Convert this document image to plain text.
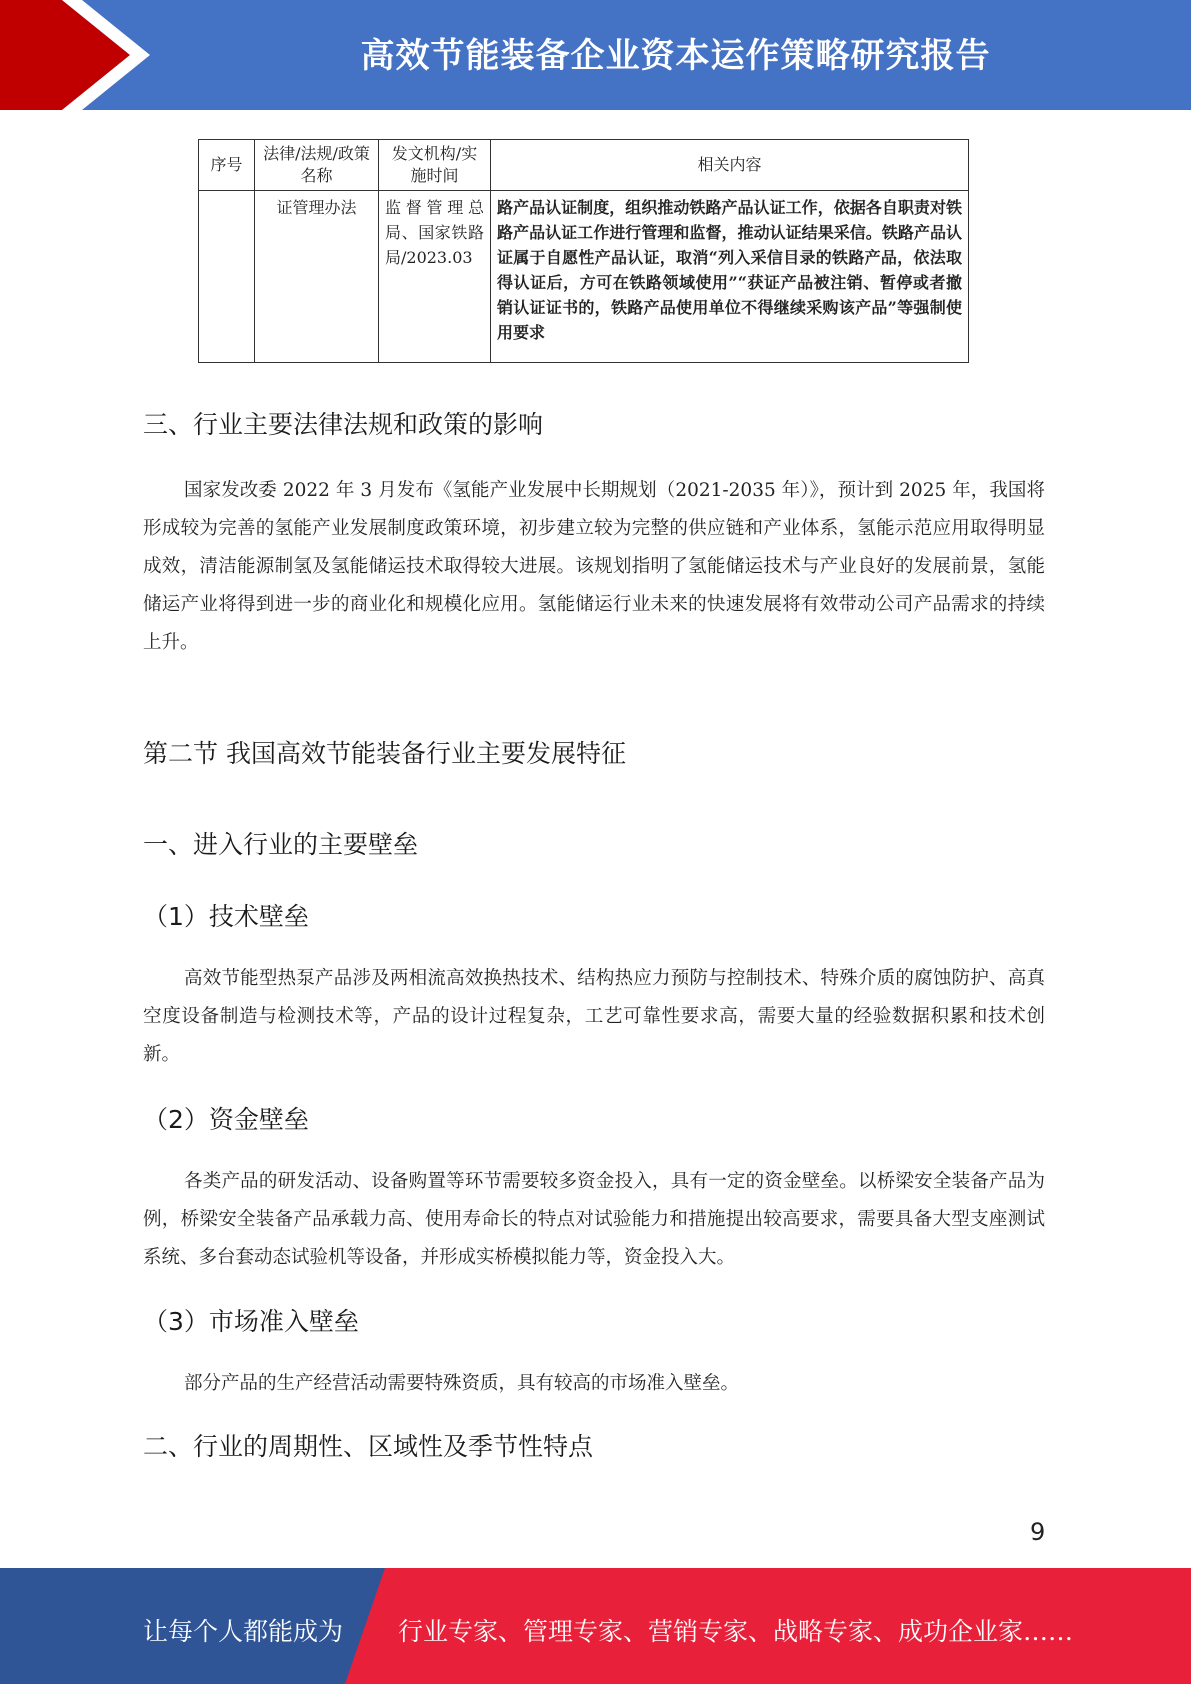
高效节能装备企业资本运作策略研究报告
序号	法律/法规/政策名称	发文机构/实施时间	相关内容
	证管理办法	监督管理总局、国家铁路局/2023.03	路产品认证制度，组织推动铁路产品认证工作，依据各自职责对铁路产品认证工作进行管理和监督，推动认证结果采信。铁路产品认证属于自愿性产品认证，取消“列入采信目录的铁路产品，依法取得认证后，方可在铁路领域使用”“获证产品被注销、暂停或者撤销认证证书的，铁路产品使用单位不得继续采购该产品”等强制使用要求
三、行业主要法律法规和政策的影响
国家发改委 2022 年 3 月发布《氢能产业发展中长期规划（2021-2035 年）》，预计到 2025 年，我国将形成较为完善的氢能产业发展制度政策环境，初步建立较为完整的供应链和产业体系，氢能示范应用取得明显成效，清洁能源制氢及氢能储运技术取得较大进展。该规划指明了氢能储运技术与产业良好的发展前景，氢能储运产业将得到进一步的商业化和规模化应用。氢能储运行业未来的快速发展将有效带动公司产品需求的持续上升。
第二节 我国高效节能装备行业主要发展特征
一、进入行业的主要壁垒
（1）技术壁垒
高效节能型热泵产品涉及两相流高效换热技术、结构热应力预防与控制技术、特殊介质的腐蚀防护、高真空度设备制造与检测技术等，产品的设计过程复杂，工艺可靠性要求高，需要大量的经验数据积累和技术创新。
（2）资金壁垒
各类产品的研发活动、设备购置等环节需要较多资金投入，具有一定的资金壁垒。以桥梁安全装备产品为例，桥梁安全装备产品承载力高、使用寿命长的特点对试验能力和措施提出较高要求，需要具备大型支座测试系统、多台套动态试验机等设备，并形成实桥模拟能力等，资金投入大。
（3）市场准入壁垒
部分产品的生产经营活动需要特殊资质，具有较高的市场准入壁垒。
二、行业的周期性、区域性及季节性特点
9
让每个人都能成为 行业专家、管理专家、营销专家、战略专家、成功企业家……
